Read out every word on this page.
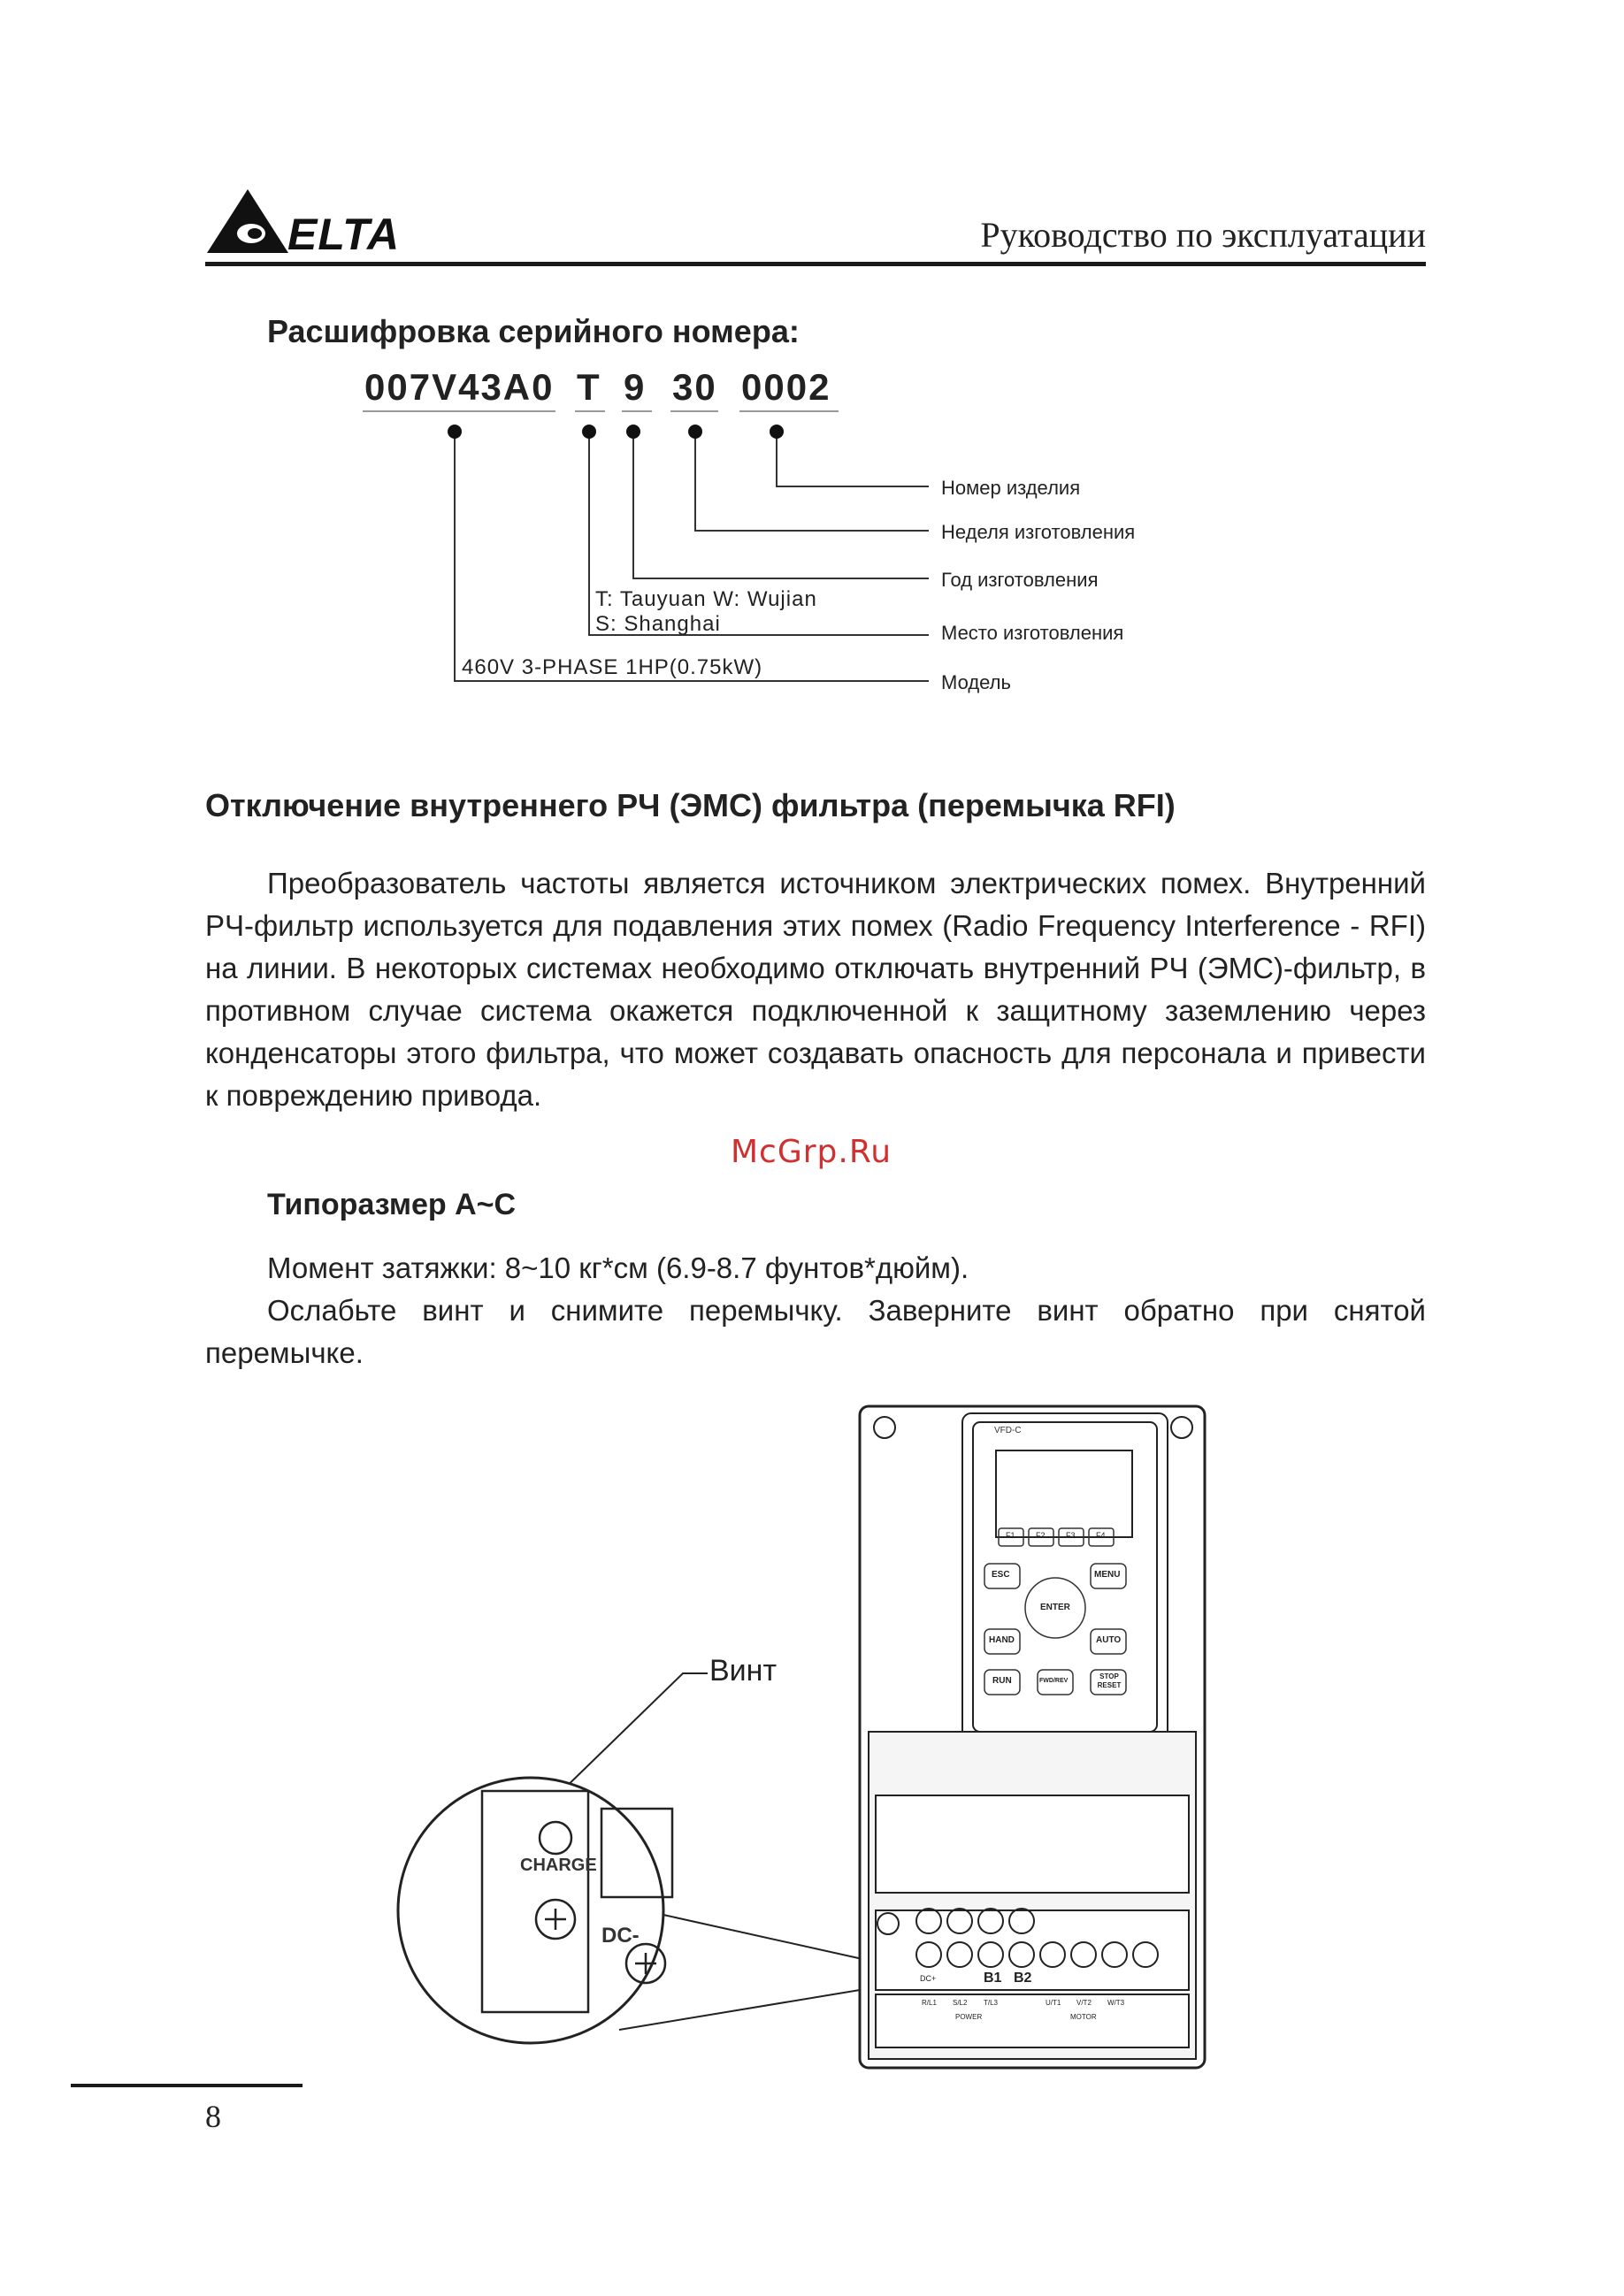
ELTA	Руководство по эксплуатации
Расшифровка серийного номера:
007V43A0 T 9 30 0002
Номер изделия
Неделя изготовления
Год изготовления
Место изготовления
Модель
T: Tauyuan W: Wujian
S: Shanghai
460V 3-PHASE 1HP(0.75kW)
Отключение внутреннего РЧ (ЭМС) фильтра (перемычка RFI)
Преобразователь частоты является источником электрических помех. Внутренний РЧ-фильтр используется для подавления этих помех (Radio Frequency Interference - RFI) на линии. В некоторых системах необходимо отключать внутренний РЧ (ЭМС)-фильтр, в противном случае система окажется подключенной к защитному заземлению через конденсаторы этого фильтра, что может создавать опасность для персонала и привести к повреждению привода.
McGrp.Ru
Типоразмер A~C
Момент затяжки: 8~10 кг*см (6.9-8.7 фунтов*дюйм).
Ослабьте винт и снимите перемычку. Заверните винт обратно при снятой перемычке.
Винт
CHARGE
DC-
VFD-C
F1	F2	F3	F4
ESC	MENU
ENTER
HAND	AUTO
RUN	FWD/REV
STOP RESET
DC+	B1 B2
R/L1 S/L2 T/L3	U/T1 V/T2 W/T3
POWER	MOTOR
8
